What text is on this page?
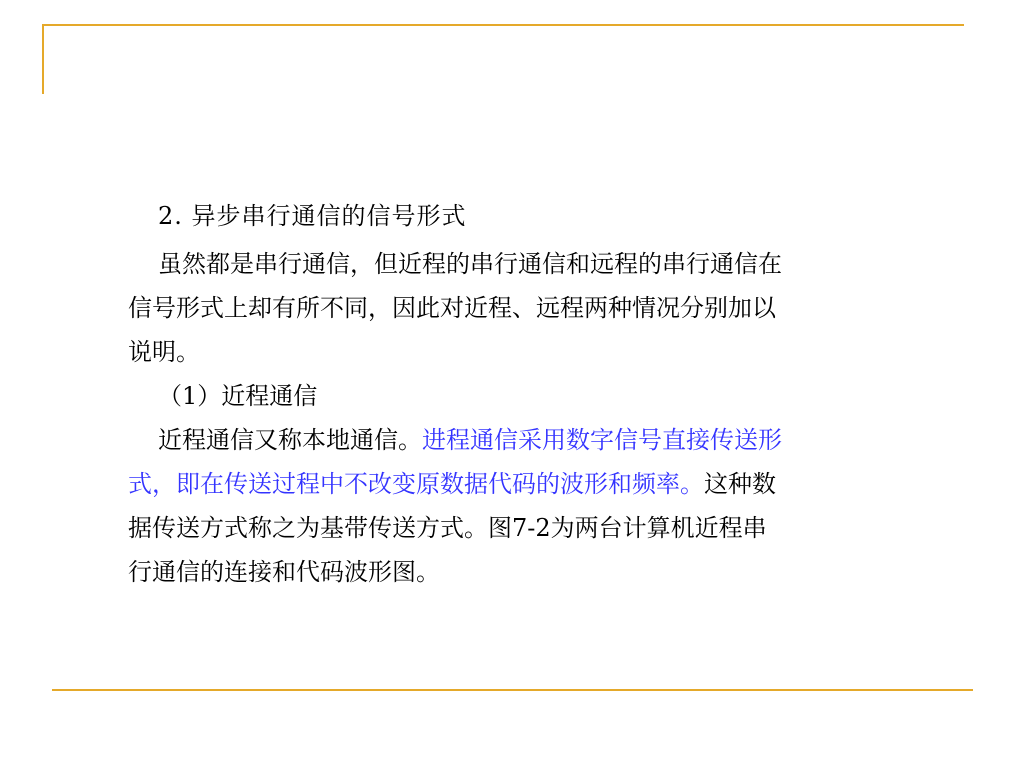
2. 异步串行通信的信号形式
虽然都是串行通信，但近程的串行通信和远程的串行通信在
信号形式上却有所不同，因此对近程、远程两种情况分别加以
说明。
（1）近程通信
近程通信又称本地通信。进程通信采用数字信号直接传送形
式，即在传送过程中不改变原数据代码的波形和频率。这种数
据传送方式称之为基带传送方式。图7-2为两台计算机近程串
行通信的连接和代码波形图。
